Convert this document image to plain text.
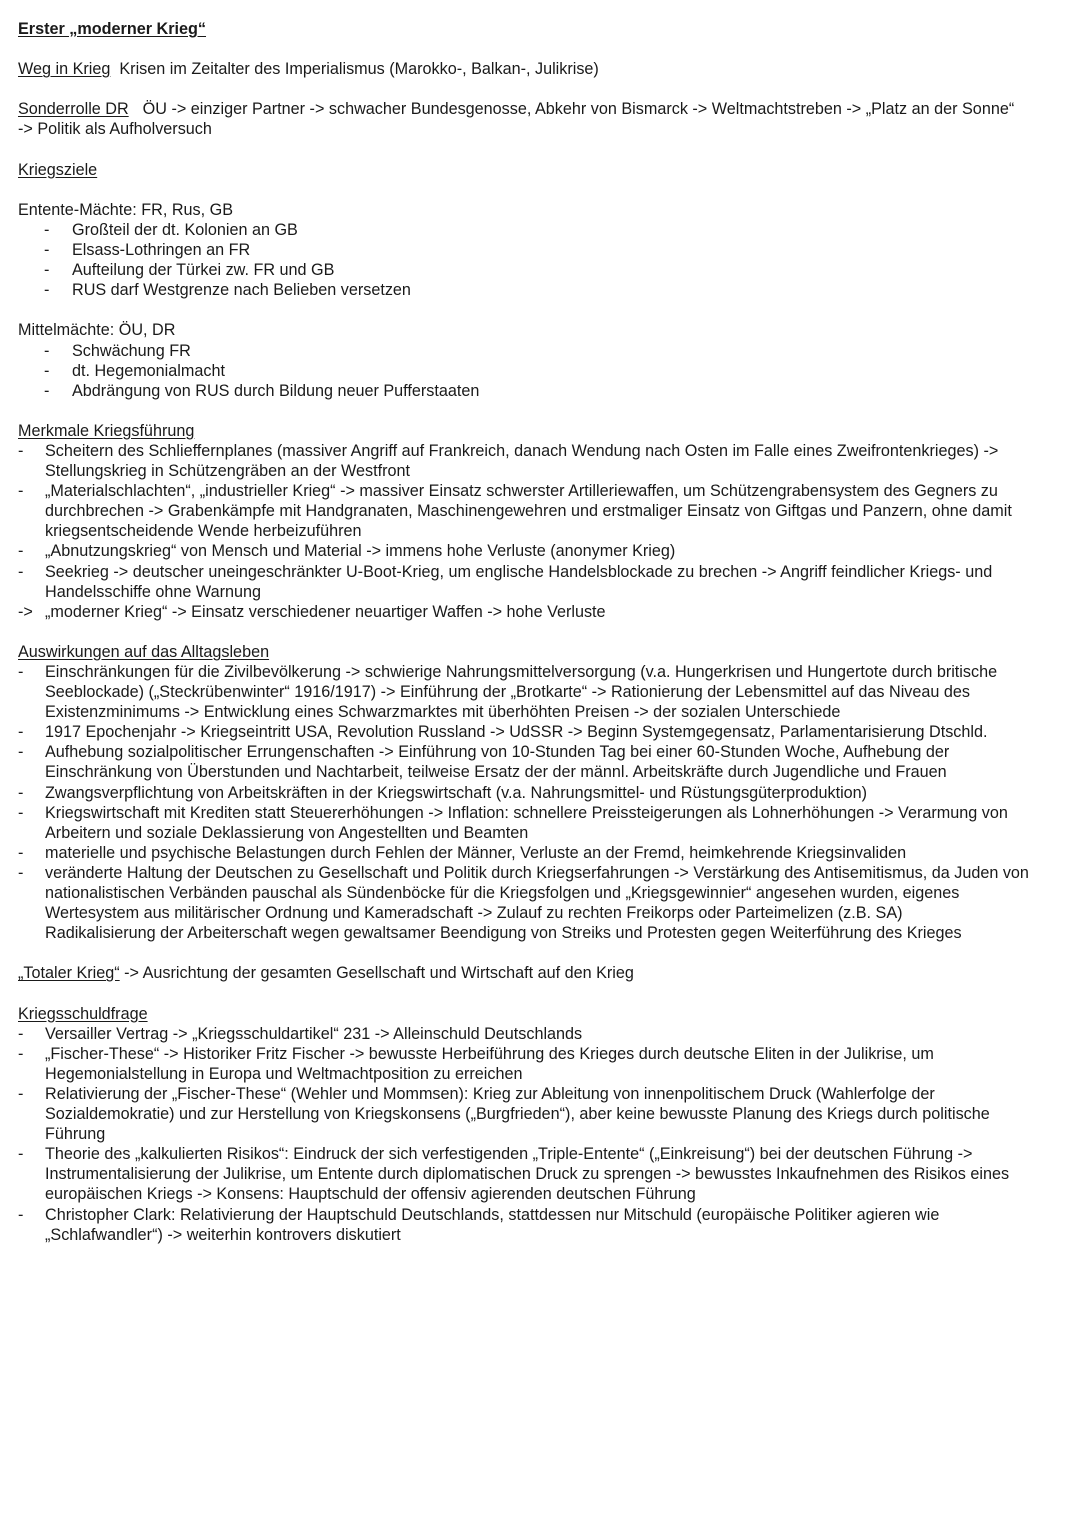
Erster „moderner Krieg“
Weg in Krieg Krisen im Zeitalter des Imperialismus (Marokko-, Balkan-, Julikrise)
Sonderrolle DR ÖU -> einziger Partner -> schwacher Bundesgenosse, Abkehr von Bismarck -> Weltmachtstreben -> „Platz an der Sonne“
-> Politik als Aufholversuch
Kriegsziele
Entente-Mächte: FR, Rus, GB
-	Großteil der dt. Kolonien an GB
-	Elsass-Lothringen an FR
-	Aufteilung der Türkei zw. FR und GB
-	RUS darf Westgrenze nach Belieben versetzen
Mittelmächte: ÖU, DR
-	Schwächung FR
-	dt. Hegemonialmacht
-	Abdrängung von RUS durch Bildung neuer Pufferstaaten
Merkmale Kriegsführung
-	Scheitern des Schlieffernplanes (massiver Angriff auf Frankreich, danach Wendung nach Osten im Falle eines Zweifrontenkrieges) ->
Stellungskrieg in Schützengräben an der Westfront
-	„Materialschlachten“, „industrieller Krieg“ -> massiver Einsatz schwerster Artilleriewaffen, um Schützengrabensystem des Gegners zu
durchbrechen -> Grabenkämpfe mit Handgranaten, Maschinengewehren und erstmaliger Einsatz von Giftgas und Panzern, ohne damit
kriegsentscheidende Wende herbeizuführen
-	„Abnutzungskrieg“ von Mensch und Material -> immens hohe Verluste (anonymer Krieg)
-	Seekrieg -> deutscher uneingeschränkter U-Boot-Krieg, um englische Handelsblockade zu brechen -> Angriff feindlicher Kriegs- und
Handelsschiffe ohne Warnung
-> „moderner Krieg“ -> Einsatz verschiedener neuartiger Waffen -> hohe Verluste
Auswirkungen auf das Alltagsleben
-	Einschränkungen für die Zivilbevölkerung -> schwierige Nahrungsmittelversorgung (v.a. Hungerkrisen und Hungertote durch britische
Seeblockade) („Steckrübenwinter“ 1916/1917) -> Einführung der „Brotkarte“ -> Rationierung der Lebensmittel auf das Niveau des
Existenzminimums -> Entwicklung eines Schwarzmarktes mit überhöhten Preisen -> der sozialen Unterschiede
-	1917 Epochenjahr -> Kriegseintritt USA, Revolution Russland -> UdSSR -> Beginn Systemgegensatz, Parlamentarisierung Dtschld.
-	Aufhebung sozialpolitischer Errungenschaften -> Einführung von 10-Stunden Tag bei einer 60-Stunden Woche, Aufhebung der
Einschränkung von Überstunden und Nachtarbeit, teilweise Ersatz der der männl. Arbeitskräfte durch Jugendliche und Frauen
-	Zwangsverpflichtung von Arbeitskräften in der Kriegswirtschaft (v.a. Nahrungsmittel- und Rüstungsgüterproduktion)
-	Kriegswirtschaft mit Krediten statt Steuererhöhungen -> Inflation: schnellere Preissteigerungen als Lohnerhöhungen -> Verarmung von
Arbeitern und soziale Deklassierung von Angestellten und Beamten
-	materielle und psychische Belastungen durch Fehlen der Männer, Verluste an der Fremd, heimkehrende Kriegsinvaliden
-	veränderte Haltung der Deutschen zu Gesellschaft und Politik durch Kriegserfahrungen -> Verstärkung des Antisemitismus, da Juden von
nationalistischen Verbänden pauschal als Sündenböcke für die Kriegsfolgen und „Kriegsgewinnier“ angesehen wurden, eigenes
Wertesystem aus militärischer Ordnung und Kameradschaft -> Zulauf zu rechten Freikorps oder Parteimelizen (z.B. SA)
Radikalisierung der Arbeiterschaft wegen gewaltsamer Beendigung von Streiks und Protesten gegen Weiterführung des Krieges
„Totaler Krieg“ -> Ausrichtung der gesamten Gesellschaft und Wirtschaft auf den Krieg
Kriegsschuldfrage
-	Versailler Vertrag -> „Kriegsschuldartikel“ 231 -> Alleinschuld Deutschlands
-	„Fischer-These“ -> Historiker Fritz Fischer -> bewusste Herbeiführung des Krieges durch deutsche Eliten in der Julikrise, um
Hegemonialstellung in Europa und Weltmachtposition zu erreichen
-	Relativierung der „Fischer-These“ (Wehler und Mommsen): Krieg zur Ableitung von innenpolitischem Druck (Wahlerfolge der
Sozialdemokratie) und zur Herstellung von Kriegskonsens („Burgfrieden“), aber keine bewusste Planung des Kriegs durch politische
Führung
-	Theorie des „kalkulierten Risikos“: Eindruck der sich verfestigenden „Triple-Entente“ („Einkreisung“) bei der deutschen Führung ->
Instrumentalisierung der Julikrise, um Entente durch diplomatischen Druck zu sprengen -> bewusstes Inkaufnehmen des Risikos eines
europäischen Kriegs -> Konsens: Hauptschuld der offensiv agierenden deutschen Führung
-	Christopher Clark: Relativierung der Hauptschuld Deutschlands, stattdessen nur Mitschuld (europäische Politiker agieren wie
„Schlafwandler“) -> weiterhin kontrovers diskutiert
